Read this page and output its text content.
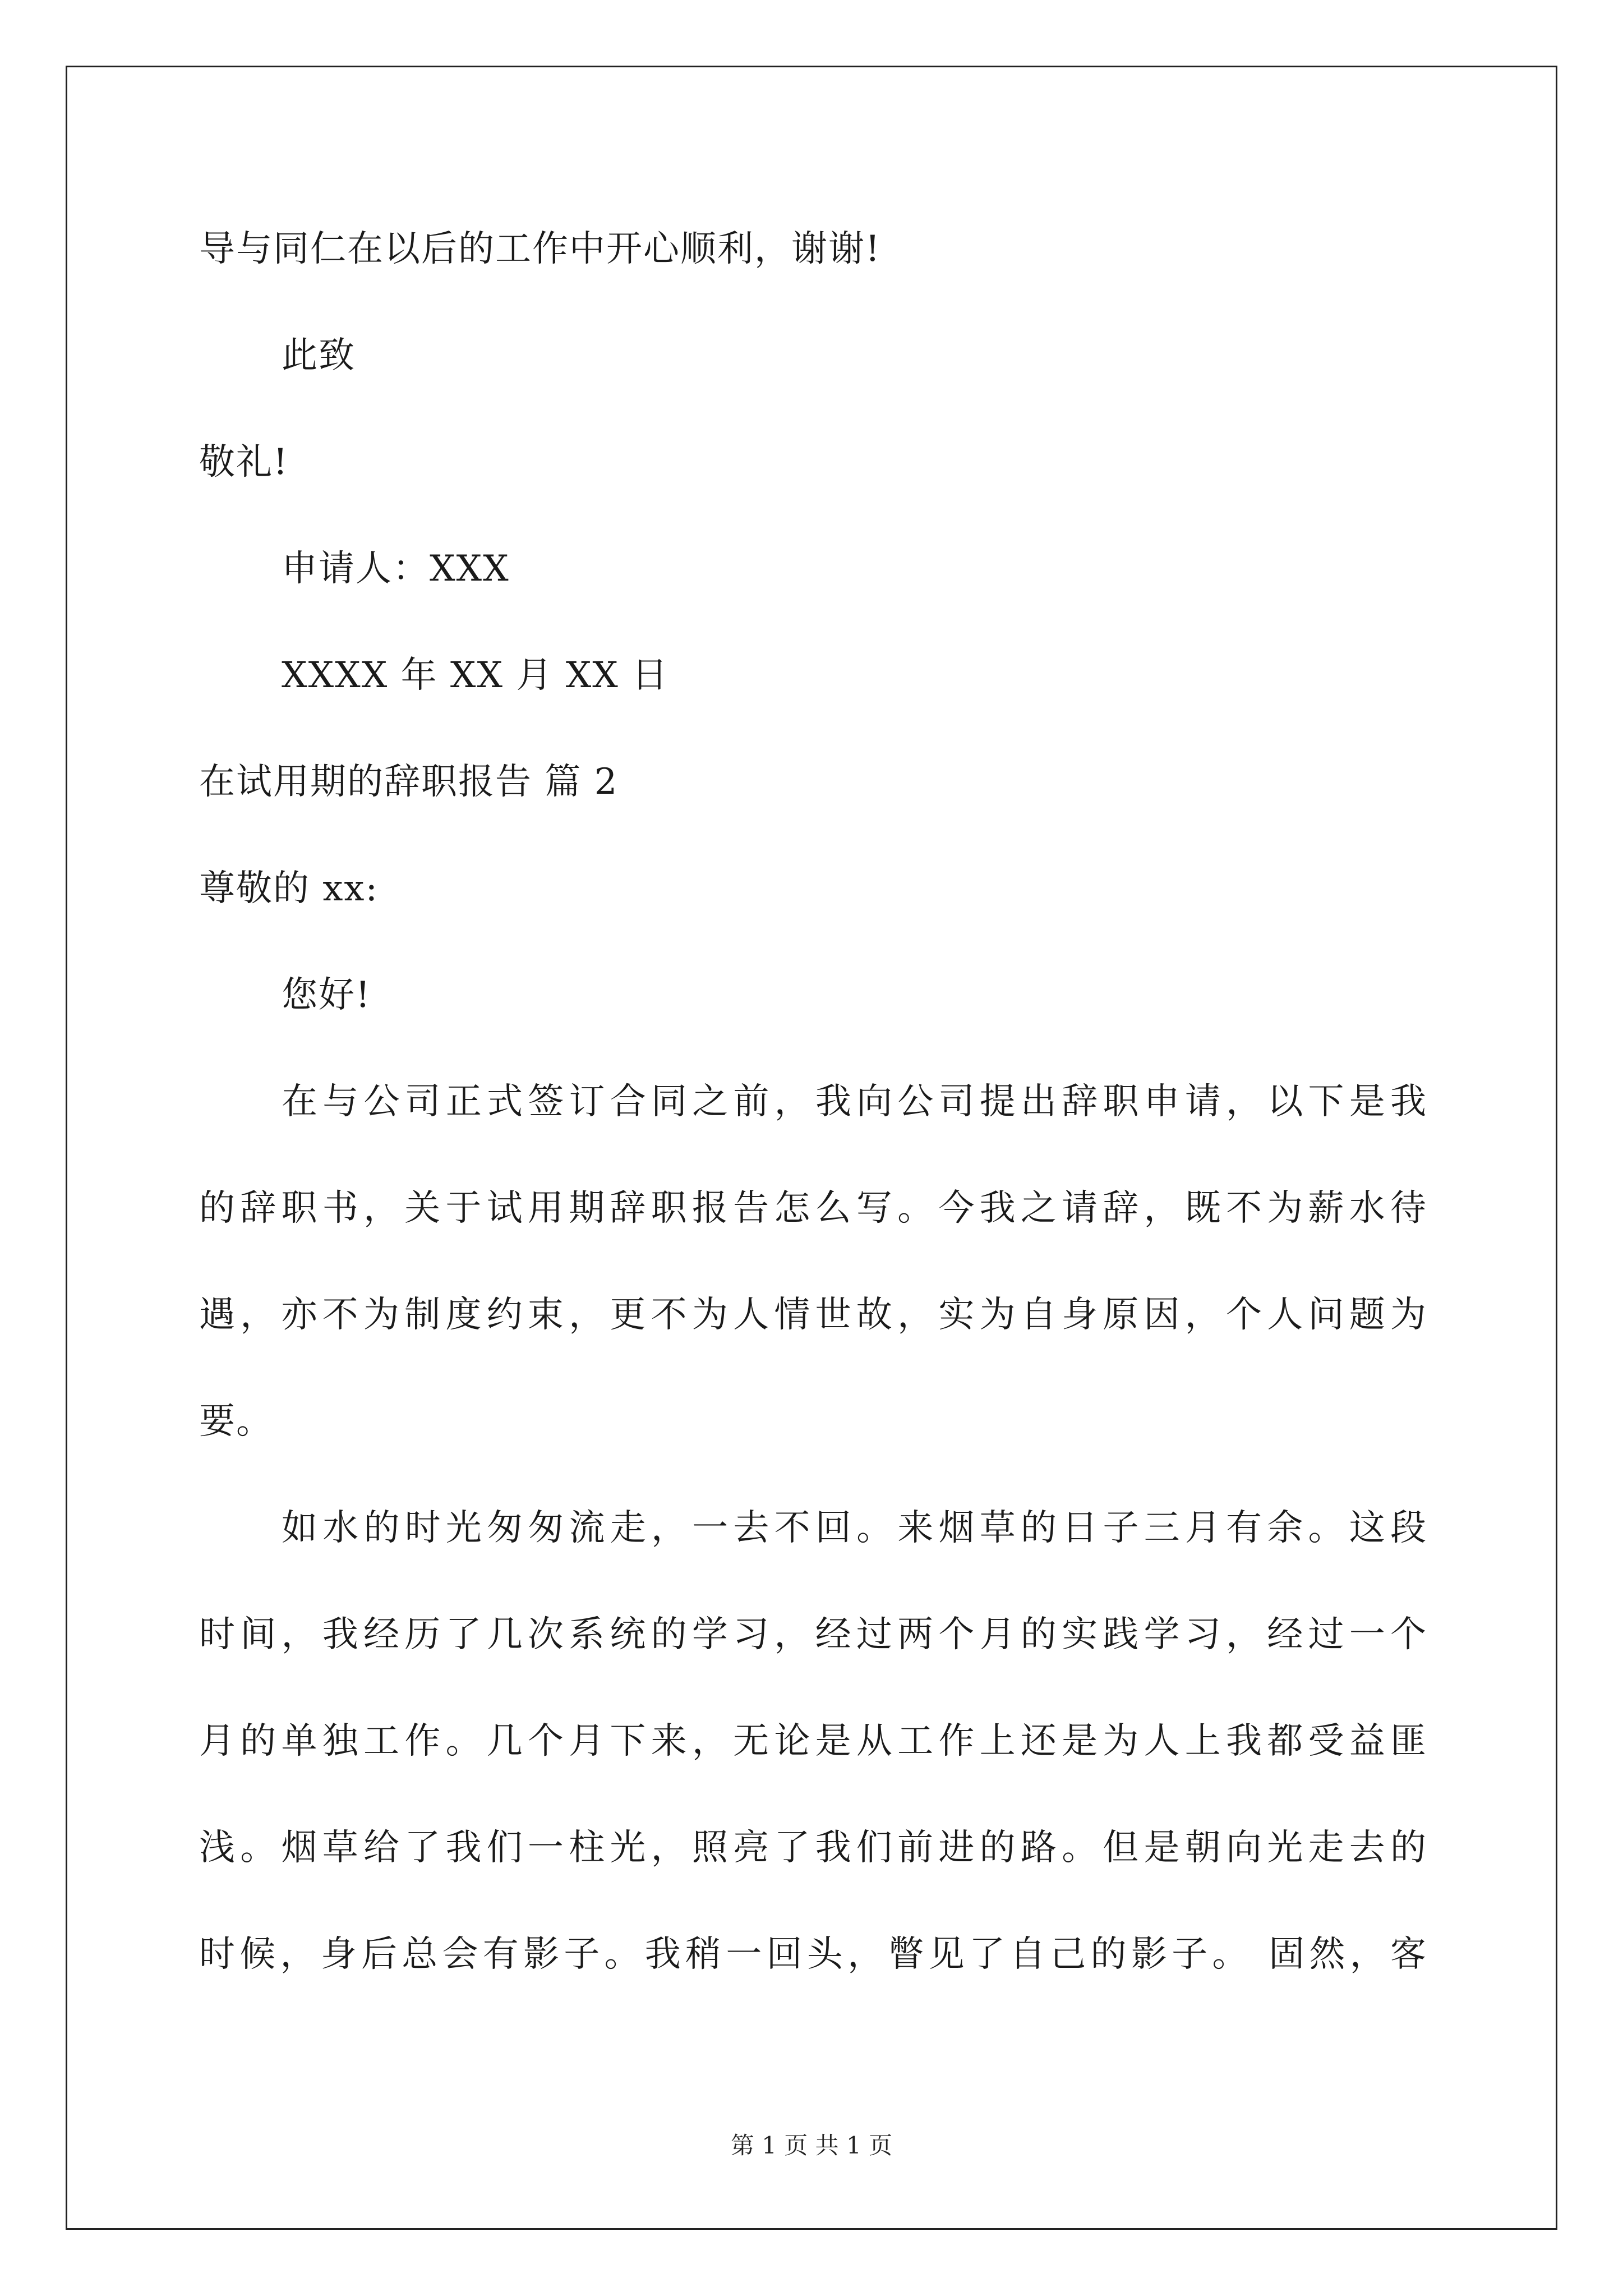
导与同仁在以后的工作中开心顺利，谢谢!
此致
敬礼!
申请人：XXX
XXXX 年 XX 月 XX 日
在试用期的辞职报告 篇 2
尊敬的 xx:
您好!
在与公司正式签订合同之前，我向公司提出辞职申请，以下是我
的辞职书，关于试用期辞职报告怎么写。今我之请辞，既不为薪水待
遇，亦不为制度约束，更不为人情世故，实为自身原因，个人问题为
要。
如水的时光匆匆流走，一去不回。来烟草的日子三月有余。这段
时间，我经历了几次系统的学习，经过两个月的实践学习，经过一个
月的单独工作。几个月下来，无论是从工作上还是为人上我都受益匪
浅。烟草给了我们一柱光，照亮了我们前进的路。但是朝向光走去的
时候，身后总会有影子。我稍一回头，瞥见了自己的影子。 固然，客
第 1 页 共 1 页
